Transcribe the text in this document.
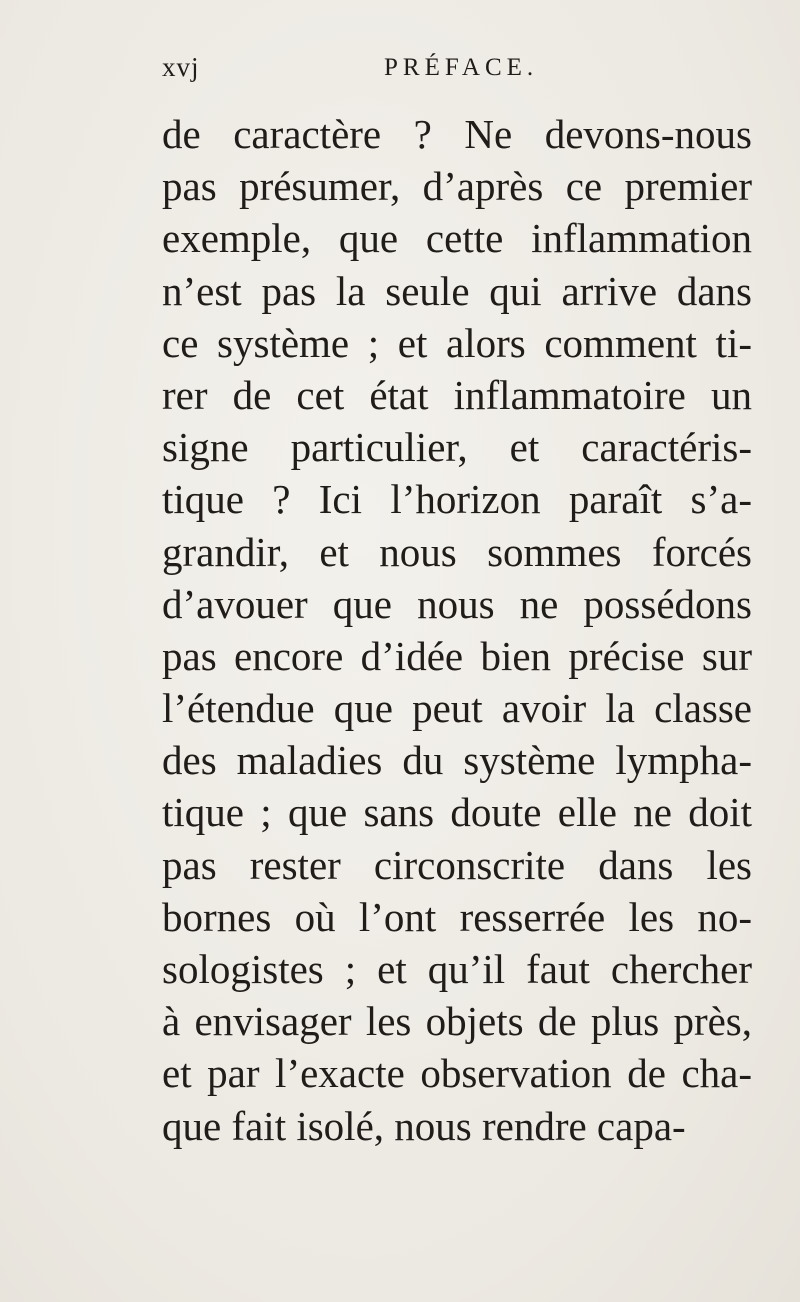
xvj	PRÉFACE.
de caractère ? Ne devons-nous
pas présumer, d’après ce premier
exemple, que cette inflammation
n’est pas la seule qui arrive dans
ce système ; et alors comment ti-
rer de cet état inflammatoire un
signe particulier, et caractéris-
tique ? Ici l’horizon paraît s’a-
grandir, et nous sommes forcés
d’avouer que nous ne possédons
pas encore d’idée bien précise sur
l’étendue que peut avoir la classe
des maladies du système lympha-
tique ; que sans doute elle ne doit
pas rester circonscrite dans les
bornes où l’ont resserrée les no-
sologistes ; et qu’il faut chercher
à envisager les objets de plus près,
et par l’exacte observation de cha-
que fait isolé, nous rendre capa-
